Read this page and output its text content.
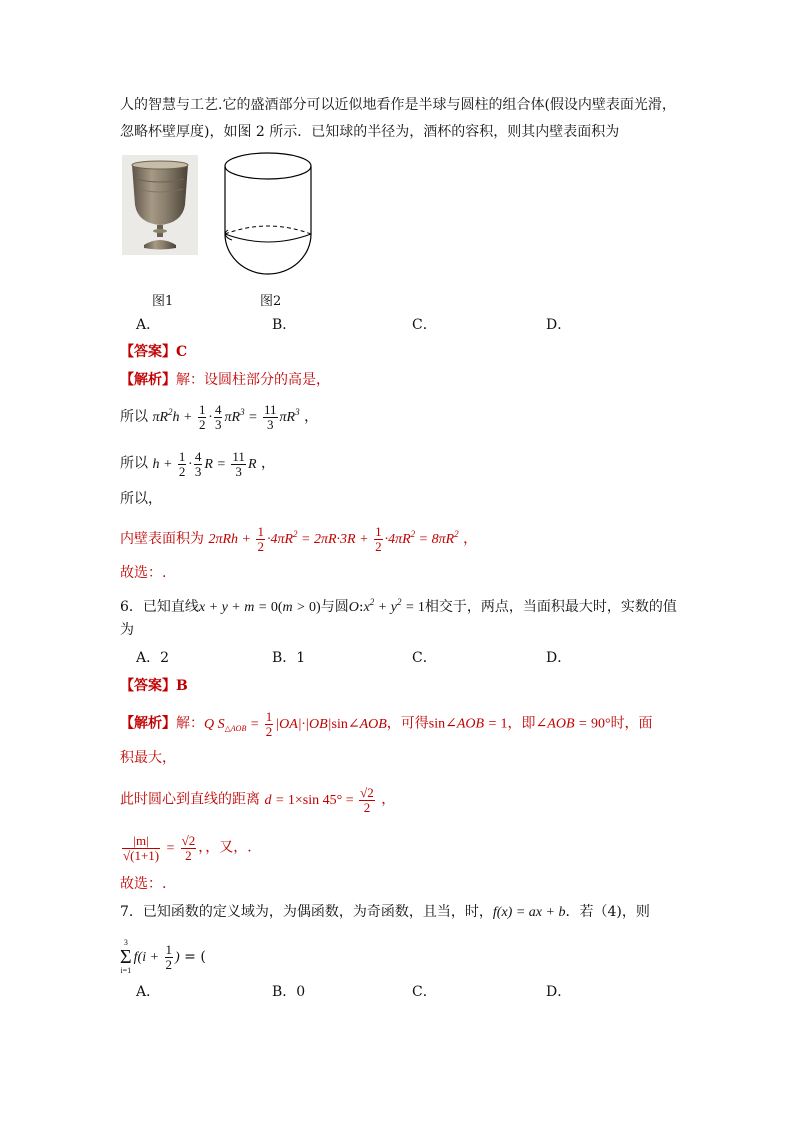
人的智慧与工艺.它的盛酒部分可以近似地看作是半球与圆柱的组合体(假设内壁表面光滑，
忽略杯壁厚度)，如图 2 所示．已知球的半径为，酒杯的容积，则其内壁表面积为
图1	图2
A．	B．	C．	D．
【答案】C
【解析】解：设圆柱部分的高是，
所以 $\pi R^2h + \frac{1}{2} \cdot \frac{4}{3} \pi R^3 = \frac{11}{3} \pi R^3$ ，
所以 $h + \frac{1}{2} \cdot \frac{4}{3}$ $R = \frac{11}{3}$ R ，
所以，
内壁表面积为 $2\pi Rh + \frac{1}{2} \cdot 4\pi R^2 = 2\pi R\cdot 3R + \frac{1}{2} \cdot 4\pi R^2 = 8\pi R^2$ ，
故选：.
6．已知直线x + y + m = 0(m > 0)与圆$O:x^2 + y^2 = 1$相交于，两点，当面积最大时，实数的值
为
A．2	B．1	C．	D．
【答案】B
【解析】解：Q $S_{\triangle AOB} = \frac{1}{2}$ |OA|·|OB|sin∠AOB，可得sin∠AOB = 1，即∠AOB = 90°时，面
积最大，
此时圆心到直线的距离 d = 1×sin $45^\circ = \frac{√2}{2}$ ，
$\frac{|m|}{√(1+1)} = \frac{√2}{2}$ ，，又，.
故选：.
7．已知函数的定义域为，为偶函数，为奇函数，且当，时，f(x) = ax + b．若（4)，则
3
Σ
i=1
$f(i + \frac{1}{2}$ ) = (
A．	B．0	C．	D．
